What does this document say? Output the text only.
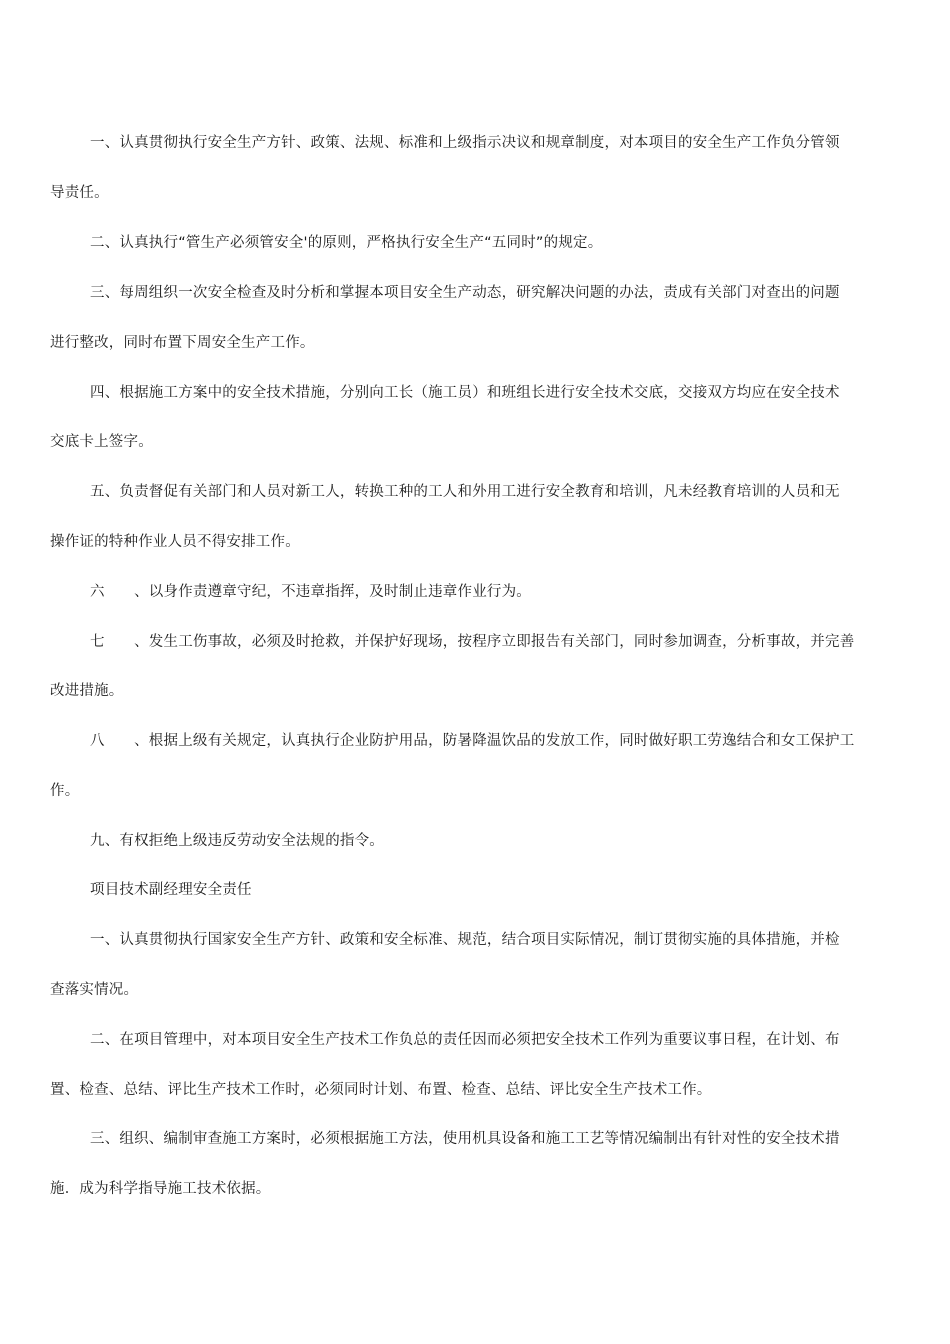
一、认真贯彻执行安全生产方针、政策、法规、标准和上级指示决议和规章制度，对本项目的安全生产工作负分管领
导责任。
二、认真执行“管生产必须管安全'的原则，严格执行安全生产“五同时”的规定。
三、每周组织一次安全检查及时分析和掌握本项目安全生产动态，研究解决问题的办法，责成有关部门对查出的问题
进行整改，同时布置下周安全生产工作。
四、根据施工方案中的安全技术措施，分别向工长（施工员）和班组长进行安全技术交底，交接双方均应在安全技术
交底卡上签字。
五、负责督促有关部门和人员对新工人，转换工种的工人和外用工进行安全教育和培训，凡未经教育培训的人员和无
操作证的特种作业人员不得安排工作。
六　　、以身作责遵章守纪，不违章指挥，及时制止违章作业行为。
七　　、发生工伤事故，必须及时抢救，并保护好现场，按程序立即报告有关部门，同时参加调查，分析事故，并完善
改进措施。
八　　、根据上级有关规定，认真执行企业防护用品，防暑降温饮品的发放工作，同时做好职工劳逸结合和女工保护工
作。
九、有权拒绝上级违反劳动安全法规的指令。
项目技术副经理安全责任
一、认真贯彻执行国家安全生产方针、政策和安全标准、规范，结合项目实际情况，制订贯彻实施的具体措施，并检
查落实情况。
二、在项目管理中，对本项目安全生产技术工作负总的责任因而必须把安全技术工作列为重要议事日程，在计划、布
置、检查、总结、评比生产技术工作时，必须同时计划、布置、检查、总结、评比安全生产技术工作。
三、组织、编制审查施工方案时，必须根据施工方法，使用机具设备和施工工艺等情况编制出有针对性的安全技术措
施．成为科学指导施工技术依据。
